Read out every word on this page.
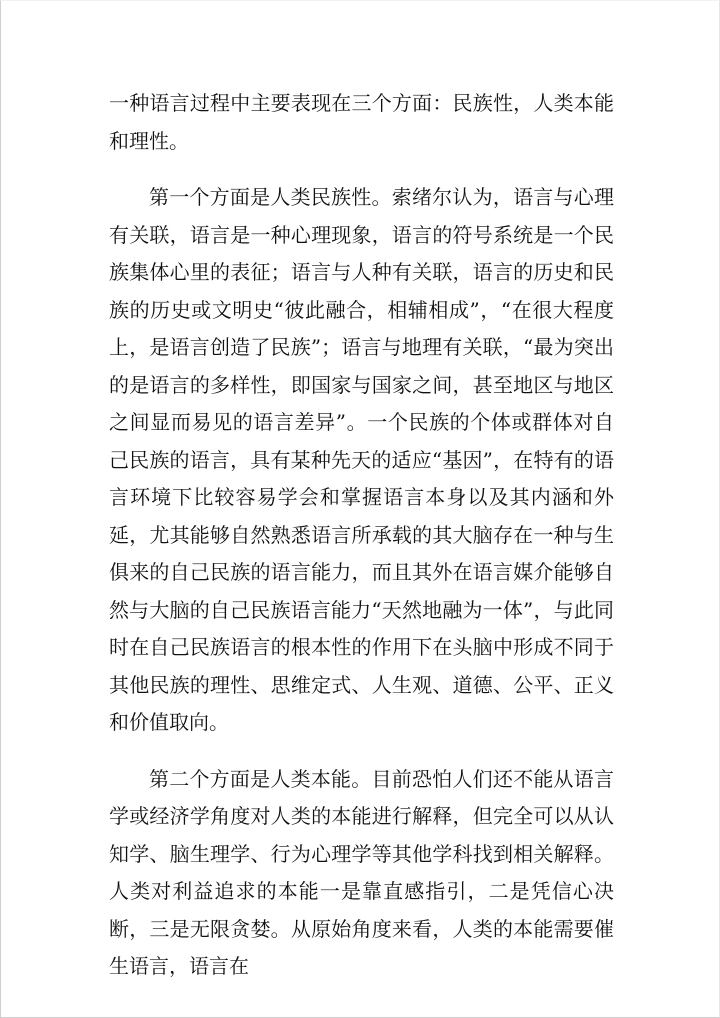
一种语言过程中主要表现在三个方面：民族性，人类本能和理性。

第一个方面是人类民族性。索绪尔认为，语言与心理有关联，语言是一种心理现象，语言的符号系统是一个民族集体心里的表征；语言与人种有关联，语言的历史和民族的历史或文明史“彼此融合，相辅相成”，“在很大程度上，是语言创造了民族”；语言与地理有关联，“最为突出的是语言的多样性，即国家与国家之间，甚至地区与地区之间显而易见的语言差异”。一个民族的个体或群体对自己民族的语言，具有某种先天的适应“基因”，在特有的语言环境下比较容易学会和掌握语言本身以及其内涵和外延，尤其能够自然熟悉语言所承载的其大脑存在一种与生俱来的自己民族的语言能力，而且其外在语言媒介能够自然与大脑的自己民族语言能力“天然地融为一体”，与此同时在自己民族语言的根本性的作用下在头脑中形成不同于其他民族的理性、思维定式、人生观、道德、公平、正义和价值取向。

第二个方面是人类本能。目前恐怕人们还不能从语言学或经济学角度对人类的本能进行解释，但完全可以从认知学、脑生理学、行为心理学等其他学科找到相关解释。人类对利益追求的本能一是靠直感指引，二是凭信心决断，三是无限贪婪。从原始角度来看，人类的本能需要催生语言，语言在
